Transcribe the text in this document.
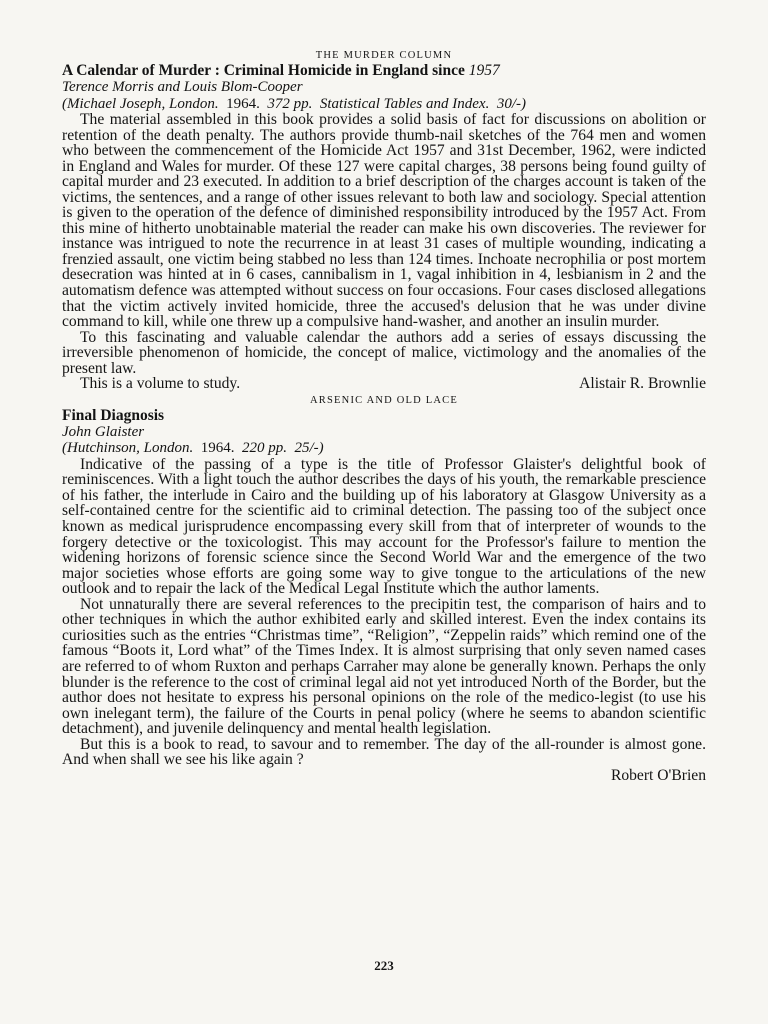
THE MURDER COLUMN
A Calendar of Murder : Criminal Homicide in England since 1957
Terence Morris and Louis Blom-Cooper
(Michael Joseph, London. 1964. 372 pp. Statistical Tables and Index. 30/-)

The material assembled in this book provides a solid basis of fact for discussions on abolition or retention of the death penalty. The authors provide thumb-nail sketches of the 764 men and women who between the commencement of the Homicide Act 1957 and 31st December, 1962, were indicted in England and Wales for murder. Of these 127 were capital charges, 38 persons being found guilty of capital murder and 23 executed. In addition to a brief description of the charges account is taken of the victims, the sentences, and a range of other issues relevant to both law and sociology. Special attention is given to the operation of the defence of diminished responsibility introduced by the 1957 Act. From this mine of hitherto unobtainable material the reader can make his own discoveries. The reviewer for instance was intrigued to note the recurrence in at least 31 cases of multiple wounding, indicating a frenzied assault, one victim being stabbed no less than 124 times. Inchoate necrophilia or post mortem desecration was hinted at in 6 cases, cannibalism in 1, vagal inhibition in 4, lesbianism in 2 and the automatism defence was attempted without success on four occasions. Four cases disclosed allegations that the victim actively invited homicide, three the accused's delusion that he was under divine command to kill, while one threw up a compulsive hand-washer, and another an insulin murder.

To this fascinating and valuable calendar the authors add a series of essays discussing the irreversible phenomenon of homicide, the concept of malice, victimology and the anomalies of the present law.

This is a volume to study.	Alistair R. Brownlie
ARSENIC AND OLD LACE
Final Diagnosis
John Glaister
(Hutchinson, London. 1964. 220 pp. 25/-)

Indicative of the passing of a type is the title of Professor Glaister's delightful book of reminiscences. With a light touch the author describes the days of his youth, the remarkable prescience of his father, the interlude in Cairo and the building up of his laboratory at Glasgow University as a self-contained centre for the scientific aid to criminal detection. The passing too of the subject once known as medical jurisprudence encompassing every skill from that of interpreter of wounds to the forgery detective or the toxicologist. This may account for the Professor's failure to mention the widening horizons of forensic science since the Second World War and the emergence of the two major societies whose efforts are going some way to give tongue to the articulations of the new outlook and to repair the lack of the Medical Legal Institute which the author laments.

Not unnaturally there are several references to the precipitin test, the comparison of hairs and to other techniques in which the author exhibited early and skilled interest. Even the index contains its curiosities such as the entries “Christmas time”, “Religion”, “Zeppelin raids” which remind one of the famous “Boots it, Lord what” of the Times Index. It is almost surprising that only seven named cases are referred to of whom Ruxton and perhaps Carraher may alone be generally known. Perhaps the only blunder is the reference to the cost of criminal legal aid not yet introduced North of the Border, but the author does not hesitate to express his personal opinions on the role of the medico-legist (to use his own inelegant term), the failure of the Courts in penal policy (where he seems to abandon scientific detachment), and juvenile delinquency and mental health legislation.

But this is a book to read, to savour and to remember. The day of the all-rounder is almost gone. And when shall we see his like again ?

Robert O'Brien
223
